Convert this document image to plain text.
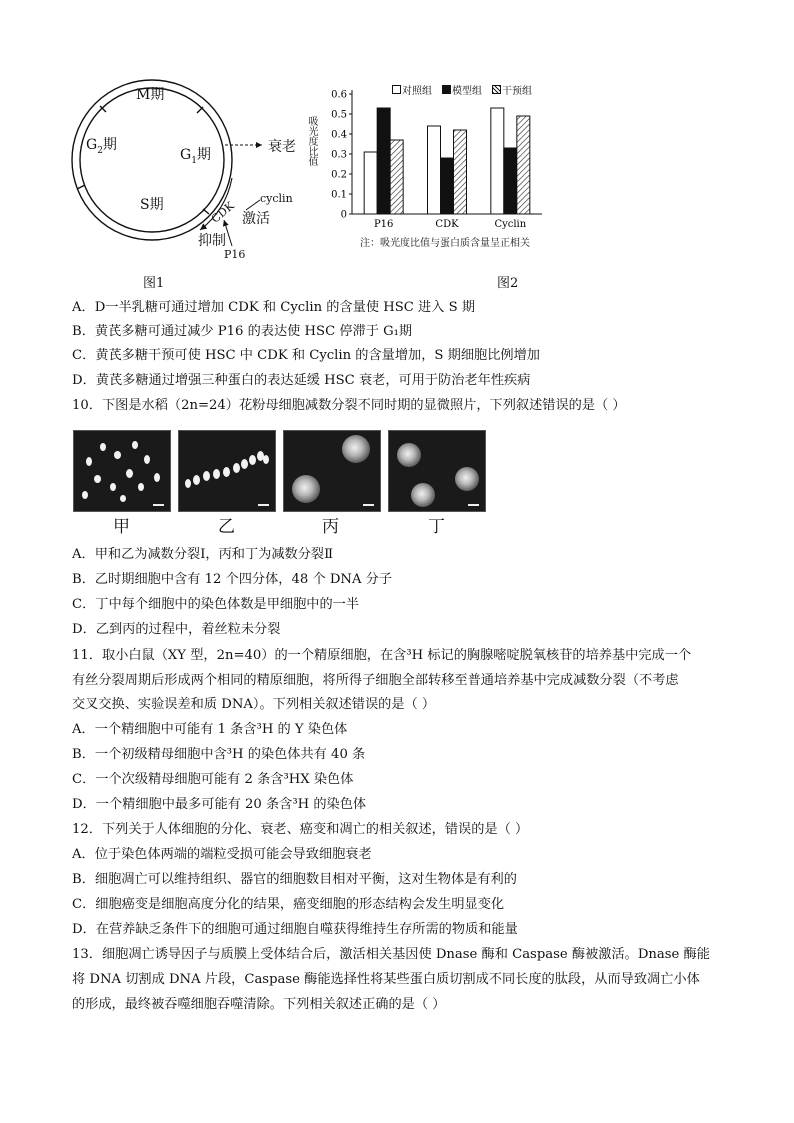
M期
$G_2$期
$G_1$期
S期
衰老
cyclin
CDK 激活
抑制
P16
图1
0
0.1
0.2
0.3
0.4
0.5
0.6
P16	CDK	Cyclin
吸光度比值
对照组	模型组	干预组
注：吸光度比值与蛋白质含量呈正相关
图2
A．D一半乳糖可通过增加 CDK 和 Cyclin 的含量使 HSC 进入 S 期
B．黄芪多糖可通过减少 P16 的表达使 HSC 停滞于 G₁期
C．黄芪多糖干预可使 HSC 中 CDK 和 Cyclin 的含量增加，S 期细胞比例增加
D．黄芪多糖通过增强三种蛋白的表达延缓 HSC 衰老，可用于防治老年性疾病
10．下图是水稻（2n=24）花粉母细胞减数分裂不同时期的显微照片，下列叙述错误的是（ ）
甲	乙	丙	丁
A．甲和乙为减数分裂Ⅰ，丙和丁为减数分裂Ⅱ
B．乙时期细胞中含有 12 个四分体，48 个 DNA 分子
C．丁中每个细胞中的染色体数是甲细胞中的一半
D．乙到丙的过程中，着丝粒未分裂
11．取小白鼠（XY 型，2n=40）的一个精原细胞，在含³H 标记的胸腺嘧啶脱氧核苷的培养基中完成一个
有丝分裂周期后形成两个相同的精原细胞，将所得子细胞全部转移至普通培养基中完成减数分裂（不考虑
交叉交换、实验误差和质 DNA）。下列相关叙述错误的是（ ）
A．一个精细胞中可能有 1 条含³H 的 Y 染色体
B．一个初级精母细胞中含³H 的染色体共有 40 条
C．一个次级精母细胞可能有 2 条含³HX 染色体
D．一个精细胞中最多可能有 20 条含³H 的染色体
12．下列关于人体细胞的分化、衰老、癌变和凋亡的相关叙述，错误的是（ ）
A．位于染色体两端的端粒受损可能会导致细胞衰老
B．细胞凋亡可以维持组织、器官的细胞数目相对平衡，这对生物体是有利的
C．细胞癌变是细胞高度分化的结果，癌变细胞的形态结构会发生明显变化
D．在营养缺乏条件下的细胞可通过细胞自噬获得维持生存所需的物质和能量
13．细胞凋亡诱导因子与质膜上受体结合后，激活相关基因使 Dnase 酶和 Caspase 酶被激活。Dnase 酶能
将 DNA 切割成 DNA 片段，Caspase 酶能选择性将某些蛋白质切割成不同长度的肽段，从而导致凋亡小体
的形成，最终被吞噬细胞吞噬清除。下列相关叙述正确的是（ ）
